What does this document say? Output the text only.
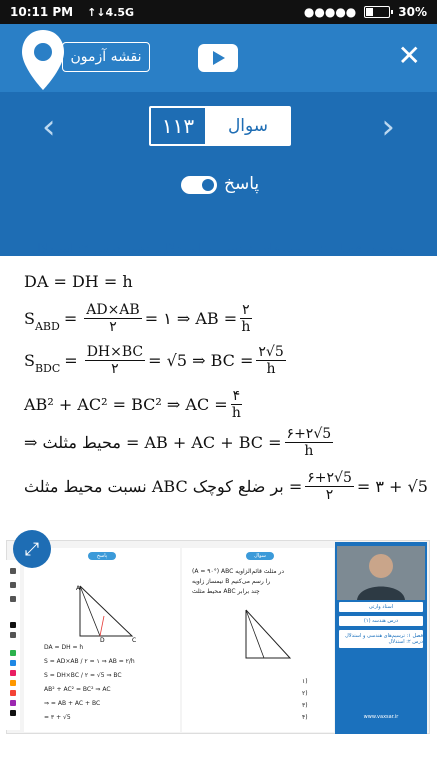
10:11 PM ↑↓4.5G	●●●●●	30%
نقشه آزمون	✕
‹	›
۱۱۳	سوال
پاسخ
هندسه، فصل ۱: ترسیم‌های هندسی و استدلال، دهم- درس ۲: استدلال
DA = DH = h
S ABD = AD×AB
۲ = ۱ ⇒ AB = ۲
h
S BDC = DH×BC
۲ = √5 ⇒ BC = $\frac{۲√5}{h}$
AB² + AC² = BC² ⇒ AC = ۴
h
⇒ محیط مثلث = AB + AC + BC = $\frac{۶+۲√5}{h}$
نسبت محیط مثلث ABC بر ضلع کوچک = ۶+۲√5
۲ = ۳ + √5
پاسخ
A
D	C
DA = DH = h
S = AD×AB / ۲ = ۱ ⇒ AB = ۲/h
S = DH×BC / ۲ = √5 ⇒ BC
AB² + AC² = BC² ⇒ AC
⇒ = AB + AC + BC
= ۳ + √5
سوال
(A = ۹۰°) ABC در مثلث قائم‌الزاویه
نیمساز زاویه B را رسم می‌کنیم
محیط مثلث ABC چند برابر
۱)
۲)
۳)
۴)
استاد وارثی
درس هندسه (۱)
فصل ۱: ترسیم‌های هندسی و استدلال درس ۲: استدلال
www.vaxsar.ir
⤢
